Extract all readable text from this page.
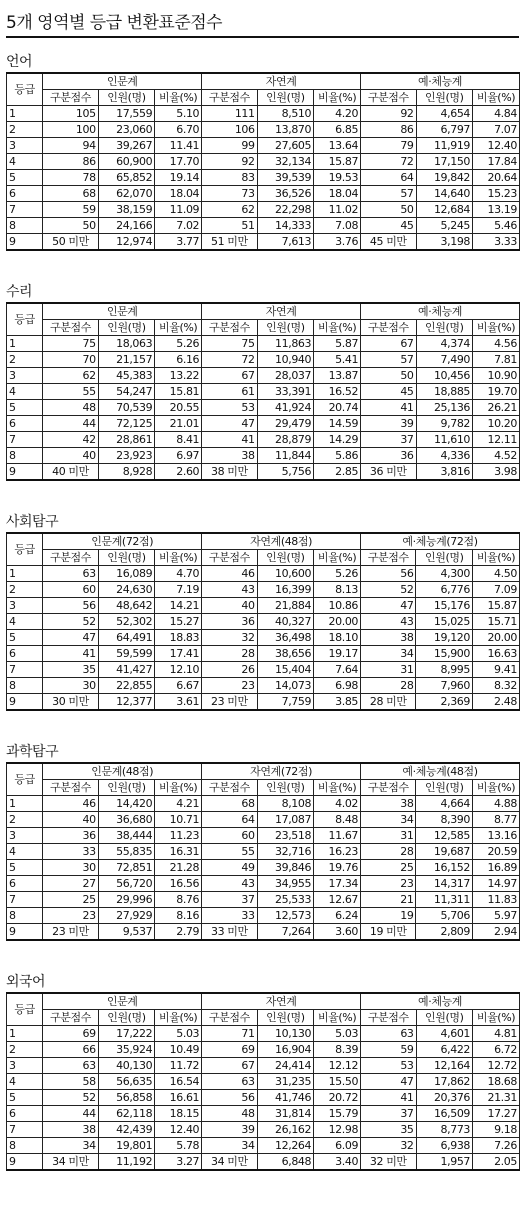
5개 영역별 등급 변환표준점수
언어
등급	인문계			자연계			예·체능계		
	구분점수	인원(명)	비율(%)	구분점수	인원(명)	비율(%)	구분점수	인원(명)	비율(%)
1	105	17,559	5.10	111	8,510	4.20	92	4,654	4.84
2	100	23,060	6.70	106	13,870	6.85	86	6,797	7.07
3	94	39,267	11.41	99	27,605	13.64	79	11,919	12.40
4	86	60,900	17.70	92	32,134	15.87	72	17,150	17.84
5	78	65,852	19.14	83	39,539	19.53	64	19,842	20.64
6	68	62,070	18.04	73	36,526	18.04	57	14,640	15.23
7	59	38,159	11.09	62	22,298	11.02	50	12,684	13.19
8	50	24,166	7.02	51	14,333	7.08	45	5,245	5.46
9	50 미만	12,974	3.77	51 미만	7,613	3.76	45 미만	3,198	3.33
수리
등급	인문계			자연계			예·체능계		
	구분점수	인원(명)	비율(%)	구분점수	인원(명)	비율(%)	구분점수	인원(명)	비율(%)
1	75	18,063	5.26	75	11,863	5.87	67	4,374	4.56
2	70	21,157	6.16	72	10,940	5.41	57	7,490	7.81
3	62	45,383	13.22	67	28,037	13.87	50	10,456	10.90
4	55	54,247	15.81	61	33,391	16.52	45	18,885	19.70
5	48	70,539	20.55	53	41,924	20.74	41	25,136	26.21
6	44	72,125	21.01	47	29,479	14.59	39	9,782	10.20
7	42	28,861	8.41	41	28,879	14.29	37	11,610	12.11
8	40	23,923	6.97	38	11,844	5.86	36	4,336	4.52
9	40 미만	8,928	2.60	38 미만	5,756	2.85	36 미만	3,816	3.98
사회탐구
등급	인문계(72점)			자연계(48점)			예·체능계(72점)		
	구분점수	인원(명)	비율(%)	구분점수	인원(명)	비율(%)	구분점수	인원(명)	비율(%)
1	63	16,089	4.70	46	10,600	5.26	56	4,300	4.50
2	60	24,630	7.19	43	16,399	8.13	52	6,776	7.09
3	56	48,642	14.21	40	21,884	10.86	47	15,176	15.87
4	52	52,302	15.27	36	40,327	20.00	43	15,025	15.71
5	47	64,491	18.83	32	36,498	18.10	38	19,120	20.00
6	41	59,599	17.41	28	38,656	19.17	34	15,900	16.63
7	35	41,427	12.10	26	15,404	7.64	31	8,995	9.41
8	30	22,855	6.67	23	14,073	6.98	28	7,960	8.32
9	30 미만	12,377	3.61	23 미만	7,759	3.85	28 미만	2,369	2.48
과학탐구
등급	인문계(48점)			자연계(72점)			예·체능계(48점)		
	구분점수	인원(명)	비율(%)	구분점수	인원(명)	비율(%)	구분점수	인원(명)	비율(%)
1	46	14,420	4.21	68	8,108	4.02	38	4,664	4.88
2	40	36,680	10.71	64	17,087	8.48	34	8,390	8.77
3	36	38,444	11.23	60	23,518	11.67	31	12,585	13.16
4	33	55,835	16.31	55	32,716	16.23	28	19,687	20.59
5	30	72,851	21.28	49	39,846	19.76	25	16,152	16.89
6	27	56,720	16.56	43	34,955	17.34	23	14,317	14.97
7	25	29,996	8.76	37	25,533	12.67	21	11,311	11.83
8	23	27,929	8.16	33	12,573	6.24	19	5,706	5.97
9	23 미만	9,537	2.79	33 미만	7,264	3.60	19 미만	2,809	2.94
외국어
등급	인문계			자연계			예·체능계		
	구분점수	인원(명)	비율(%)	구분점수	인원(명)	비율(%)	구분점수	인원(명)	비율(%)
1	69	17,222	5.03	71	10,130	5.03	63	4,601	4.81
2	66	35,924	10.49	69	16,904	8.39	59	6,422	6.72
3	63	40,130	11.72	67	24,414	12.12	53	12,164	12.72
4	58	56,635	16.54	63	31,235	15.50	47	17,862	18.68
5	52	56,858	16.61	56	41,746	20.72	41	20,376	21.31
6	44	62,118	18.15	48	31,814	15.79	37	16,509	17.27
7	38	42,439	12.40	39	26,162	12.98	35	8,773	9.18
8	34	19,801	5.78	34	12,264	6.09	32	6,938	7.26
9	34 미만	11,192	3.27	34 미만	6,848	3.40	32 미만	1,957	2.05
